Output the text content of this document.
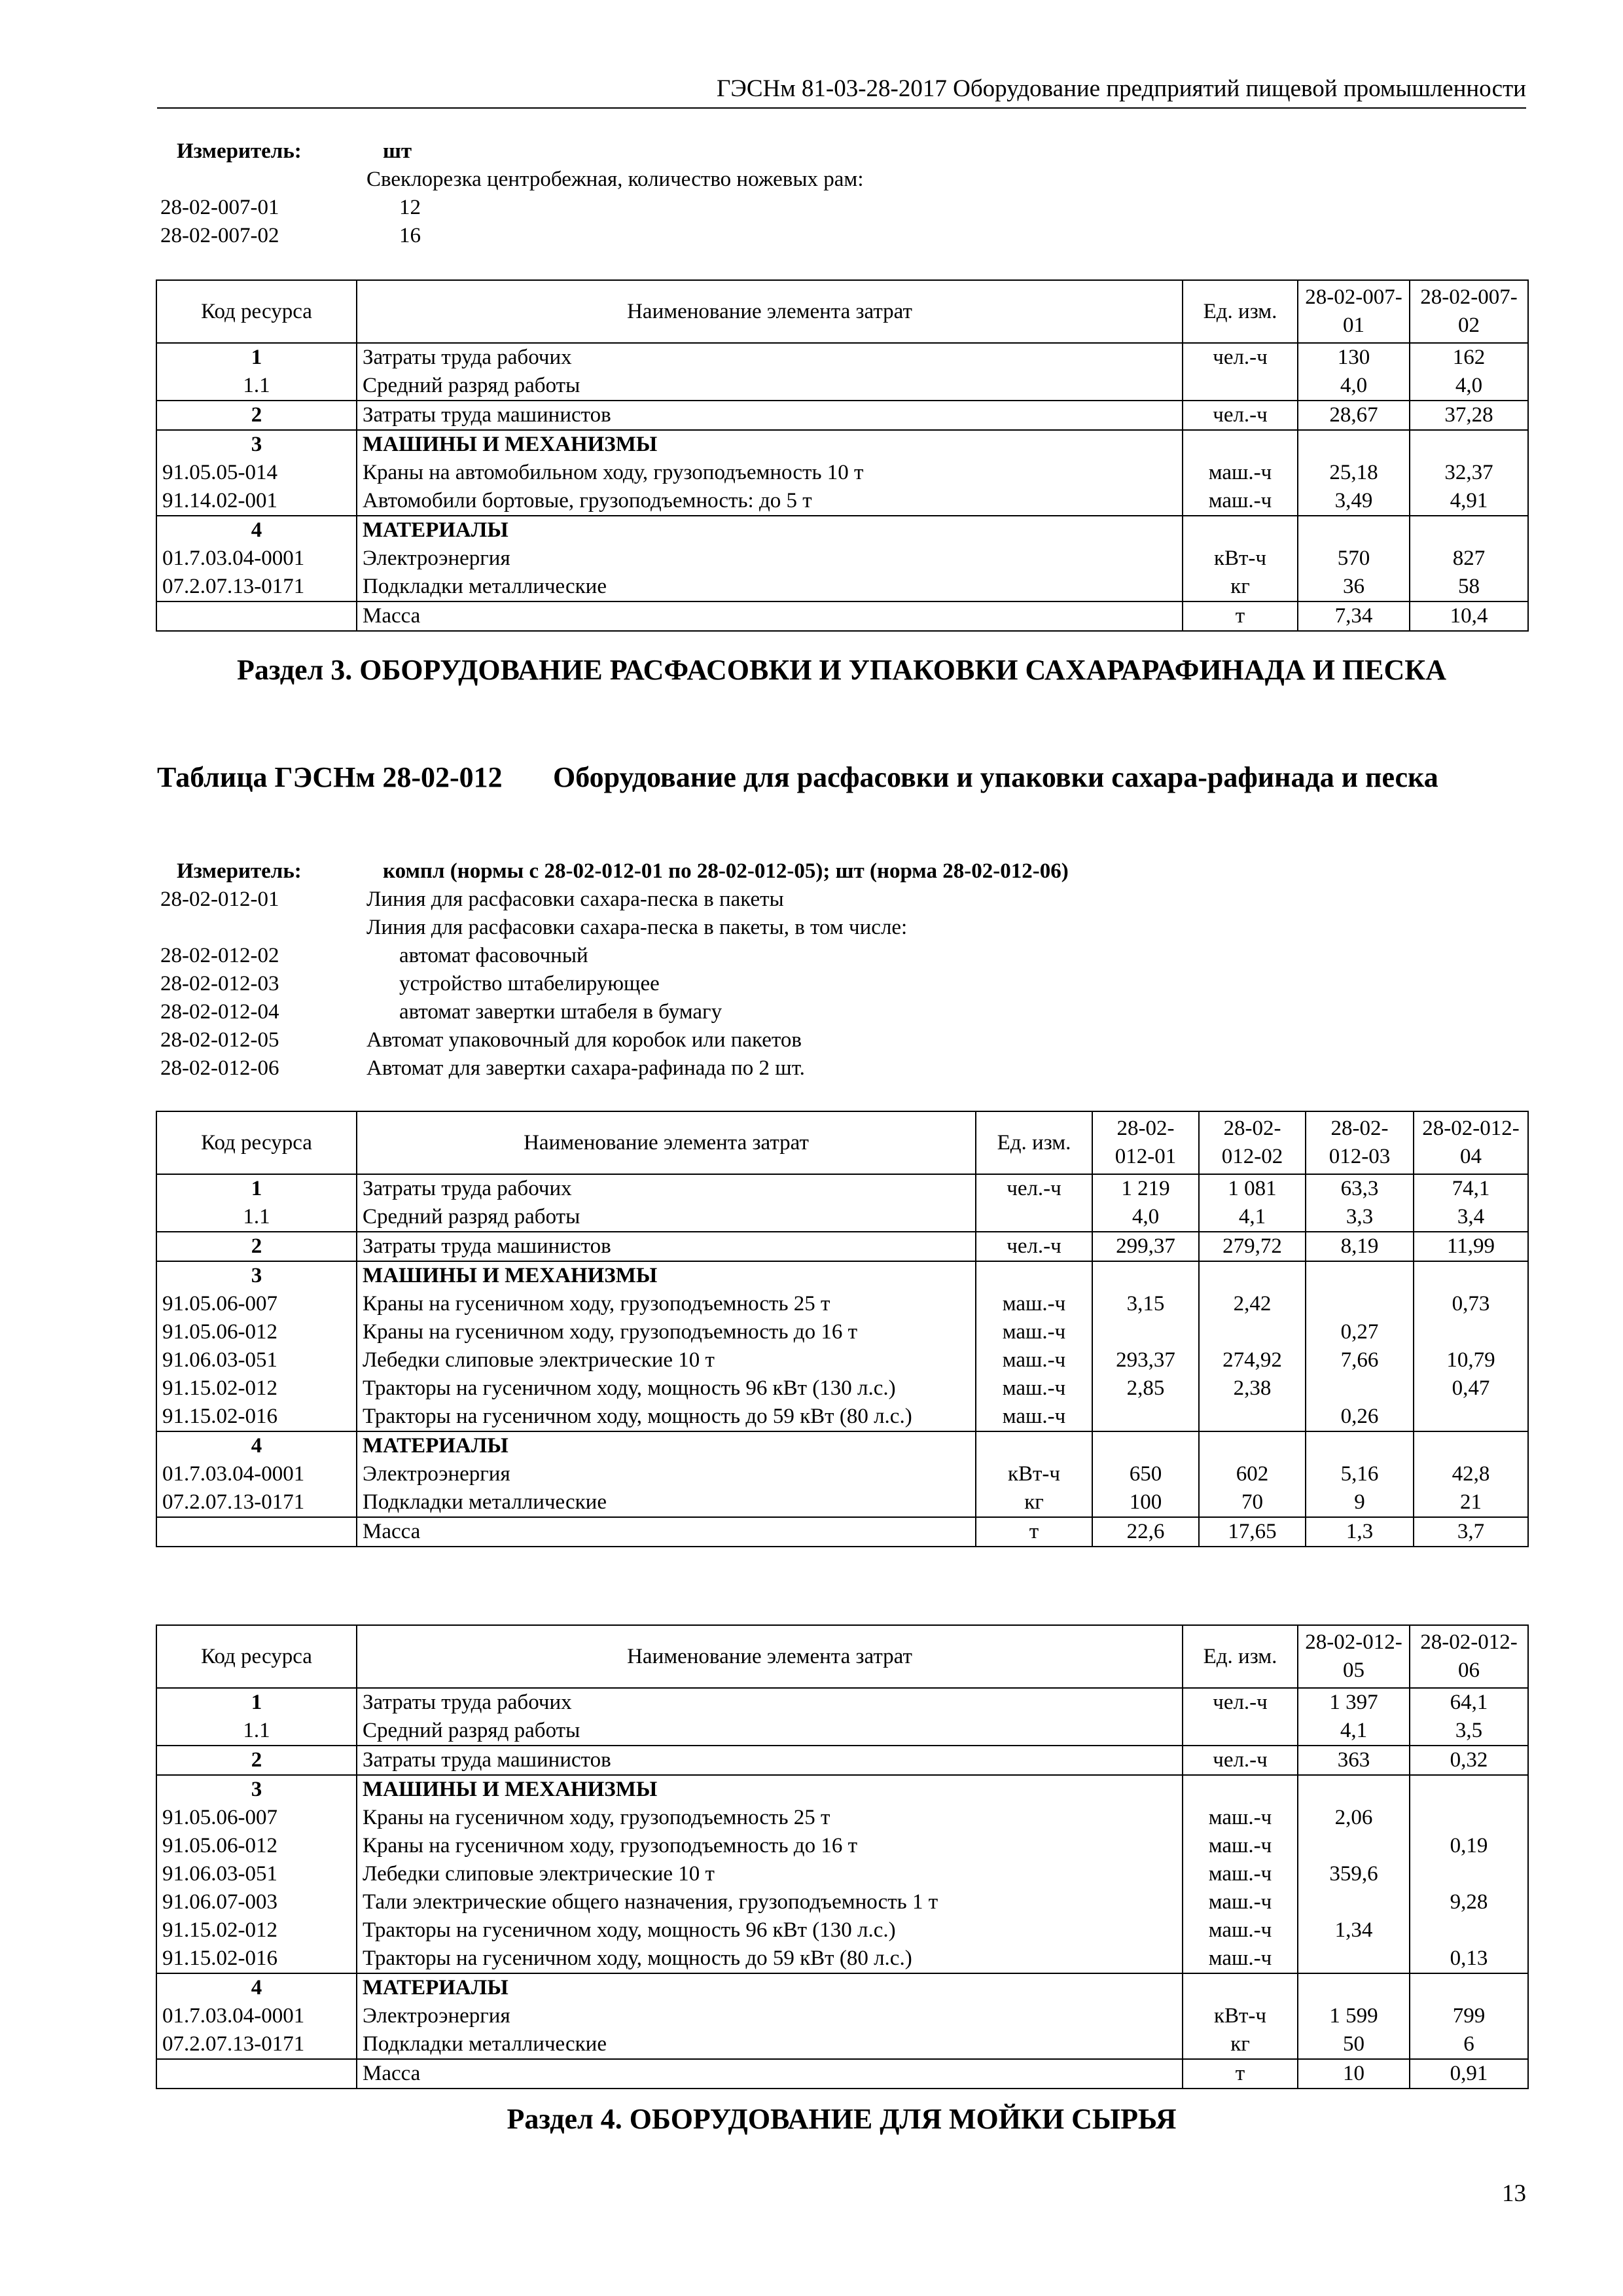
ГЭСНм 81-03-28-2017 Оборудование предприятий пищевой промышленности
Измеритель:	шт
Свеклорезка центробежная, количество ножевых рам:
28-02-007-01	12
28-02-007-02	16
Код ресурса	Наименование элемента затрат	Ед. изм.	28-02-007-01	28-02-007-02
1	Затраты труда рабочих	чел.-ч	130	162
1.1	Средний разряд работы		4,0	4,0
2	Затраты труда машинистов	чел.-ч	28,67	37,28
3	МАШИНЫ И МЕХАНИЗМЫ			
91.05.05-014	Краны на автомобильном ходу, грузоподъемность 10 т	маш.-ч	25,18	32,37
91.14.02-001	Автомобили бортовые, грузоподъемность: до 5 т	маш.-ч	3,49	4,91
4	МАТЕРИАЛЫ			
01.7.03.04-0001	Электроэнергия	кВт-ч	570	827
07.2.07.13-0171	Подкладки металлические	кг	36	58
	Масса	т	7,34	10,4
Раздел 3. ОБОРУДОВАНИЕ РАСФАСОВКИ И УПАКОВКИ САХАРАРАФИНАДА И ПЕСКА
Таблица ГЭСНм 28-02-012	Оборудование для расфасовки и упаковки сахара-рафинада и песка
Измеритель:	компл (нормы с 28-02-012-01 по 28-02-012-05); шт (норма 28-02-012-06)
28-02-012-01	Линия для расфасовки сахара-песка в пакеты
Линия для расфасовки сахара-песка в пакеты, в том числе:
28-02-012-02	автомат фасовочный
28-02-012-03	устройство штабелирующее
28-02-012-04	автомат завертки штабеля в бумагу
28-02-012-05	Автомат упаковочный для коробок или пакетов
28-02-012-06	Автомат для завертки сахара-рафинада по 2 шт.
Код ресурса	Наименование элемента затрат	Ед. изм.	28-02-012-01	28-02-012-02	28-02-012-03	28-02-012-04
1	Затраты труда рабочих	чел.-ч	1 219	1 081	63,3	74,1
1.1	Средний разряд работы		4,0	4,1	3,3	3,4
2	Затраты труда машинистов	чел.-ч	299,37	279,72	8,19	11,99
3	МАШИНЫ И МЕХАНИЗМЫ					
91.05.06-007	Краны на гусеничном ходу, грузоподъемность 25 т	маш.-ч	3,15	2,42		0,73
91.05.06-012	Краны на гусеничном ходу, грузоподъемность до 16 т	маш.-ч			0,27	
91.06.03-051	Лебедки слиповые электрические 10 т	маш.-ч	293,37	274,92	7,66	10,79
91.15.02-012	Тракторы на гусеничном ходу, мощность 96 кВт (130 л.с.)	маш.-ч	2,85	2,38		0,47
91.15.02-016	Тракторы на гусеничном ходу, мощность до 59 кВт (80 л.с.)	маш.-ч			0,26	
4	МАТЕРИАЛЫ					
01.7.03.04-0001	Электроэнергия	кВт-ч	650	602	5,16	42,8
07.2.07.13-0171	Подкладки металлические	кг	100	70	9	21
	Масса	т	22,6	17,65	1,3	3,7
Код ресурса	Наименование элемента затрат	Ед. изм.	28-02-012-05	28-02-012-06
1	Затраты труда рабочих	чел.-ч	1 397	64,1
1.1	Средний разряд работы		4,1	3,5
2	Затраты труда машинистов	чел.-ч	363	0,32
3	МАШИНЫ И МЕХАНИЗМЫ			
91.05.06-007	Краны на гусеничном ходу, грузоподъемность 25 т	маш.-ч	2,06	
91.05.06-012	Краны на гусеничном ходу, грузоподъемность до 16 т	маш.-ч		0,19
91.06.03-051	Лебедки слиповые электрические 10 т	маш.-ч	359,6	
91.06.07-003	Тали электрические общего назначения, грузоподъемность 1 т	маш.-ч		9,28
91.15.02-012	Тракторы на гусеничном ходу, мощность 96 кВт (130 л.с.)	маш.-ч	1,34	
91.15.02-016	Тракторы на гусеничном ходу, мощность до 59 кВт (80 л.с.)	маш.-ч		0,13
4	МАТЕРИАЛЫ			
01.7.03.04-0001	Электроэнергия	кВт-ч	1 599	799
07.2.07.13-0171	Подкладки металлические	кг	50	6
	Масса	т	10	0,91
Раздел 4. ОБОРУДОВАНИЕ ДЛЯ МОЙКИ СЫРЬЯ
13
